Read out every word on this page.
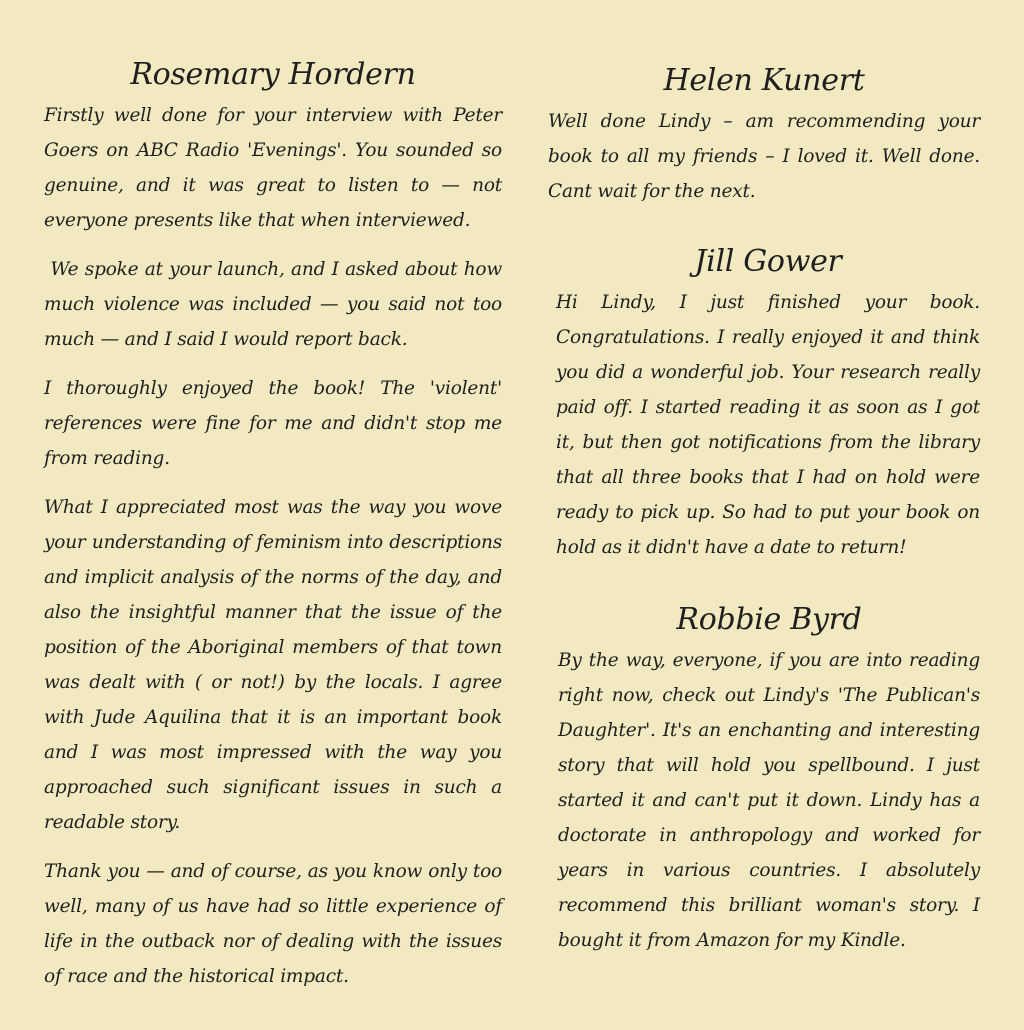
Rosemary Hordern

Firstly well done for your interview with Peter Goers on ABC Radio 'Evenings'. You sounded so genuine, and it was great to listen to — not everyone presents like that when interviewed.

We spoke at your launch, and I asked about how much violence was included — you said not too much — and I said I would report back.

I thoroughly enjoyed the book! The 'violent' references were fine for me and didn't stop me from reading.

What I appreciated most was the way you wove your understanding of feminism into descriptions and implicit analysis of the norms of the day, and also the insightful manner that the issue of the position of the Aboriginal members of that town was dealt with ( or not!) by the locals. I agree with Jude Aquilina that it is an important book and I was most impressed with the way you approached such significant issues in such a readable story.

Thank you — and of course, as you know only too well, many of us have had so little experience of life in the outback nor of dealing with the issues of race and the historical impact.

Helen Kunert

Well done Lindy – am recommending your book to all my friends – I loved it. Well done. Cant wait for the next.

Jill Gower

Hi Lindy, I just finished your book. Congratulations. I really enjoyed it and think you did a wonderful job. Your research really paid off. I started reading it as soon as I got it, but then got notifications from the library that all three books that I had on hold were ready to pick up. So had to put your book on hold as it didn't have a date to return!

Robbie Byrd

By the way, everyone, if you are into reading right now, check out Lindy's 'The Publican's Daughter'. It's an enchanting and interesting story that will hold you spellbound. I just started it and can't put it down. Lindy has a doctorate in anthropology and worked for years in various countries. I absolutely recommend this brilliant woman's story. I bought it from Amazon for my Kindle.
